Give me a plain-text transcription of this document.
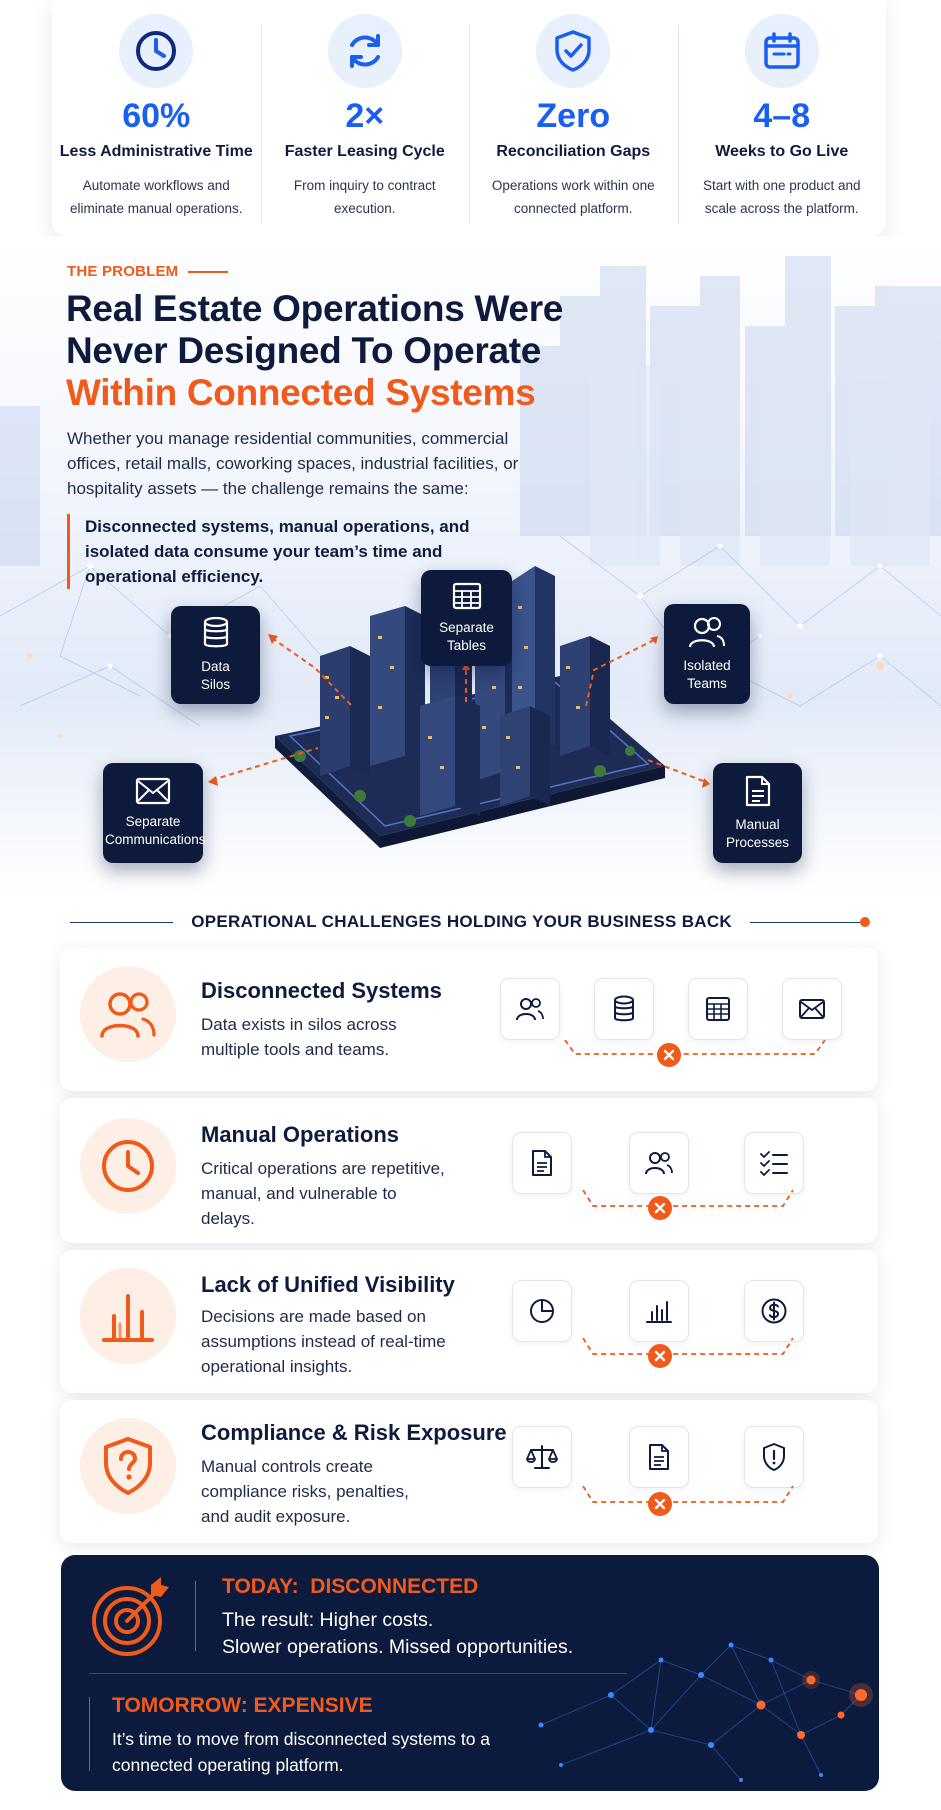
60%
Less Administrative Time
Automate workflows and eliminate manual operations.
2×
Faster Leasing Cycle
From inquiry to contract execution.
Zero
Reconciliation Gaps
Operations work within one connected platform.
4–8
Weeks to Go Live
Start with one product and scale across the platform.
THE PROBLEM
Real Estate Operations Were
Never Designed To Operate
Within Connected Systems
Whether you manage residential communities, commercial offices, retail malls, coworking spaces, industrial facilities, or hospitality assets — the challenge remains the same:
Disconnected systems, manual operations, and isolated data consume your team’s time and operational efficiency.
Data Silos
Separate Tables
Isolated Teams
Separate Communications
Manual Processes
OPERATIONAL CHALLENGES HOLDING YOUR BUSINESS BACK
Disconnected Systems
Data exists in silos across multiple tools and teams.
Manual Operations
Critical operations are repetitive, manual, and vulnerable to delays.
Lack of Unified Visibility
Decisions are made based on assumptions instead of real-time operational insights.
Compliance & Risk Exposure
Manual controls create compliance risks, penalties, and audit exposure.
TODAY:  DISCONNECTED
The result: Higher costs.
Slower operations. Missed opportunities.
TOMORROW: EXPENSIVE
It’s time to move from disconnected systems to a connected operating platform.
